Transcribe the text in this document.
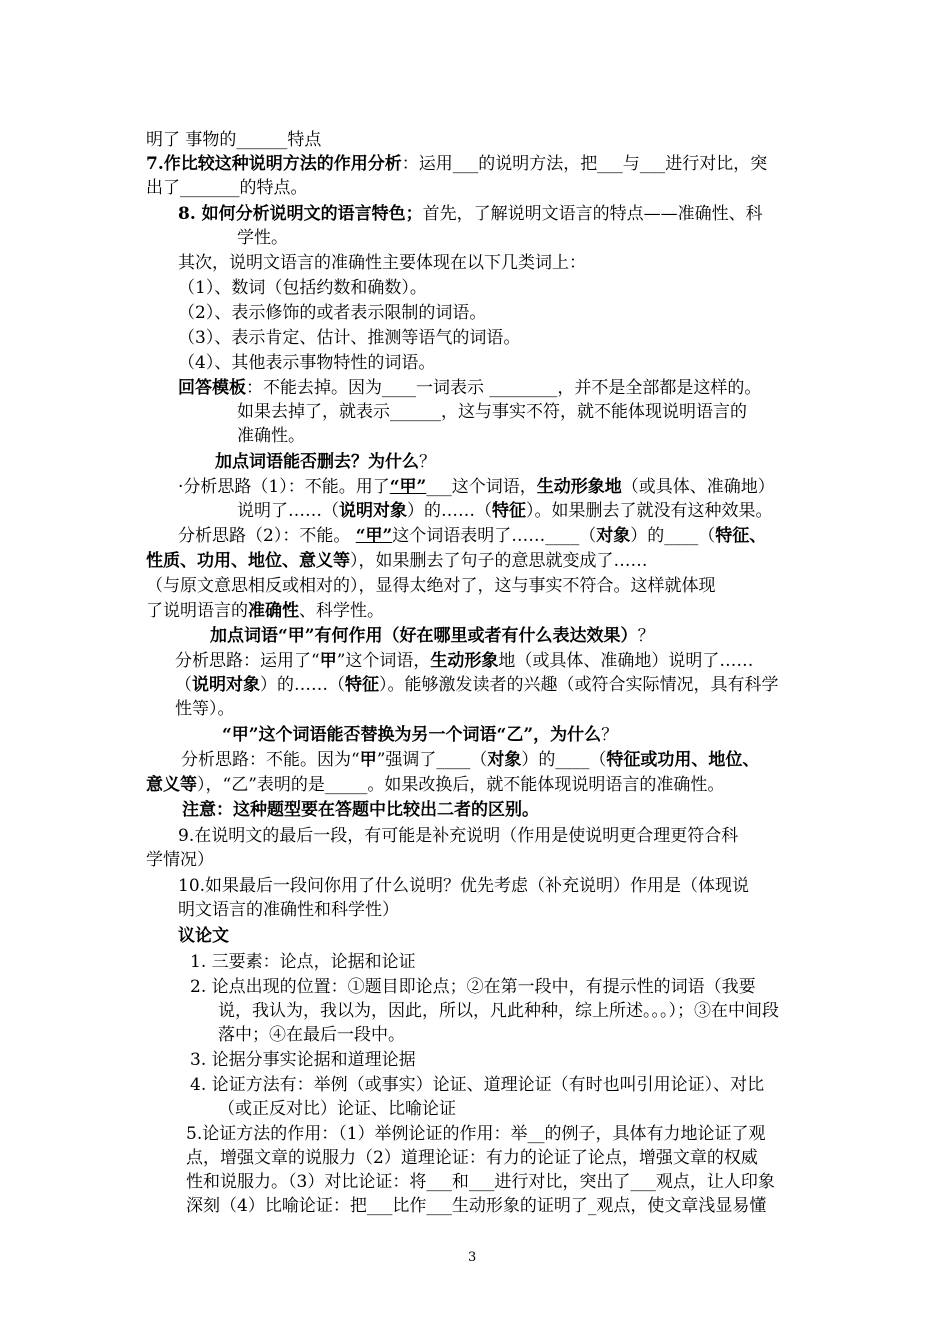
明了 事物的______特点
7.作比较这种说明方法的作用分析：运用___的说明方法，把___与___进行对比，突
出了_______的特点。
8. 如何分析说明文的语言特色；首先，了解说明文语言的特点——准确性、科
学性。
其次，说明文语言的准确性主要体现在以下几类词上：
（1）、数词（包括约数和确数）。
（2）、表示修饰的或者表示限制的词语。
（3）、表示肯定、估计、推测等语气的词语。
（4）、其他表示事物特性的词语。
回答模板：不能去掉。因为____一词表示 ________，并不是全部都是这样的。
如果去掉了，就表示______，这与事实不符，就不能体现说明语言的
准确性。
加点词语能否删去？为什么？
·分析思路（1）：不能。用了“甲”___这个词语，生动形象地（或具体、准确地）
说明了……（说明对象）的……（特征）。如果删去了就没有这种效果。
分析思路（2）：不能。 “甲”这个词语表明了……____（对象）的____（特征、
性质、功用、地位、意义等），如果删去了句子的意思就变成了……
（与原文意思相反或相对的），显得太绝对了，这与事实不符合。这样就体现
了说明语言的准确性、科学性。
加点词语“甲”有何作用（好在哪里或者有什么表达效果）？
分析思路：运用了“甲”这个词语，生动形象地（或具体、准确地）说明了……
（说明对象）的……（特征）。能够激发读者的兴趣（或符合实际情况，具有科学
性等）。
“甲”这个词语能否替换为另一个词语“乙”，为什么？
分析思路：不能。因为“甲”强调了____（对象）的____（特征或功用、地位、
意义等），“乙”表明的是_____。如果改换后，就不能体现说明语言的准确性。
注意：这种题型要在答题中比较出二者的区别。
9.在说明文的最后一段，有可能是补充说明（作用是使说明更合理更符合科
学情况）
10.如果最后一段问你用了什么说明？优先考虑（补充说明）作用是（体现说
明文语言的准确性和科学性）
议论文
1. 三要素：论点，论据和论证
2. 论点出现的位置：①题目即论点；②在第一段中，有提示性的词语（我要
说，我认为，我以为，因此，所以，凡此种种，综上所述。。。）；③在中间段
落中；④在最后一段中。
3. 论据分事实论据和道理论据
4. 论证方法有：举例（或事实）论证、道理论证（有时也叫引用论证）、对比
（或正反对比）论证、比喻论证
5.论证方法的作用：（1）举例论证的作用：举__的例子，具体有力地论证了观
点，增强文章的说服力（2）道理论证：有力的论证了论点，增强文章的权威
性和说服力。（3）对比论证：将___和___进行对比，突出了___观点，让人印象
深刻（4）比喻论证：把___比作___生动形象的证明了_观点，使文章浅显易懂
3
